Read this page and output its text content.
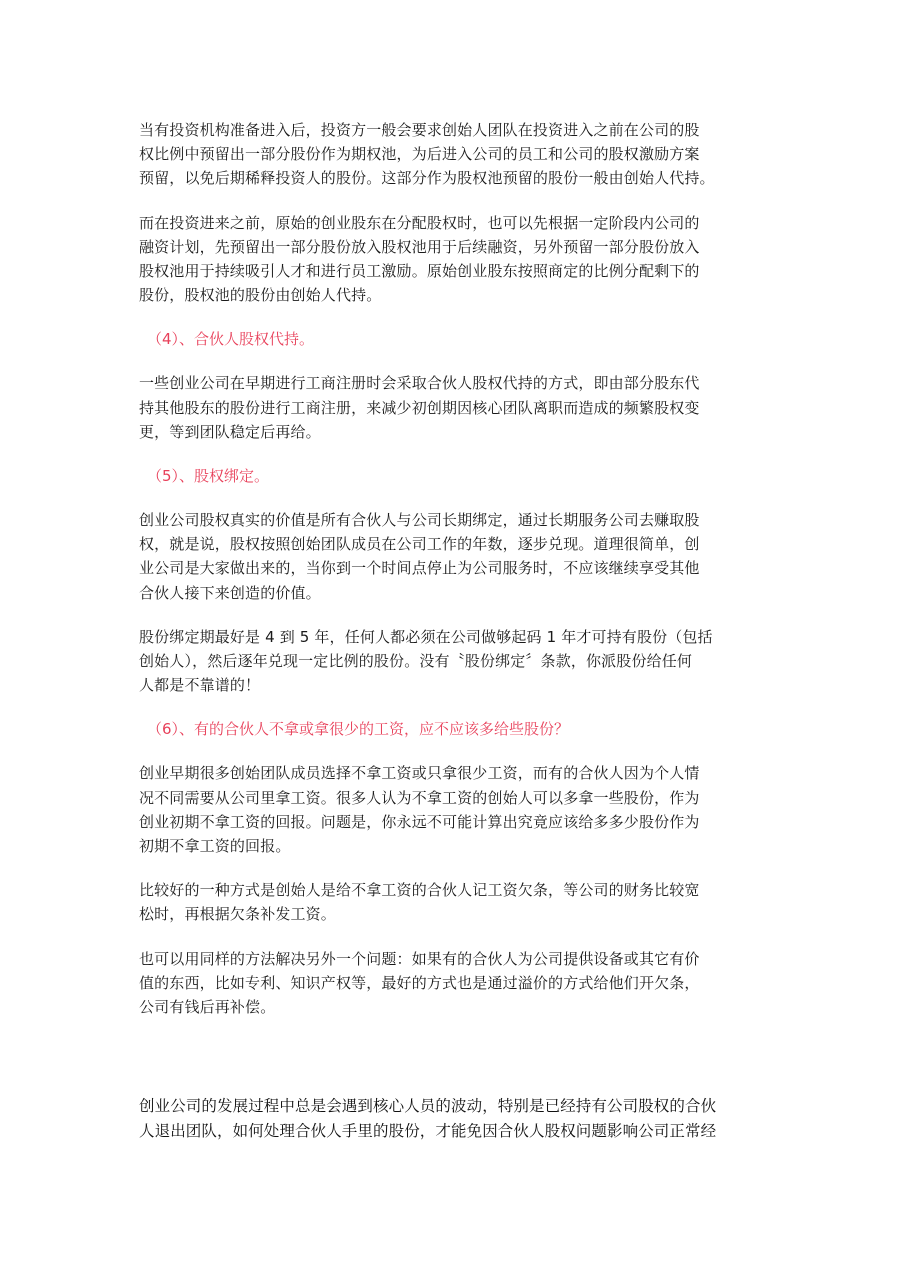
当有投资机构准备进入后，投资方一般会要求创始人团队在投资进入之前在公司的股
权比例中预留出一部分股份作为期权池，为后进入公司的员工和公司的股权激励方案
预留，以免后期稀释投资人的股份。这部分作为股权池预留的股份一般由创始人代持。

而在投资进来之前，原始的创业股东在分配股权时，也可以先根据一定阶段内公司的
融资计划，先预留出一部分股份放入股权池用于后续融资，另外预留一部分股份放入
股权池用于持续吸引人才和进行员工激励。原始创业股东按照商定的比例分配剩下的
股份，股权池的股份由创始人代持。

（4）、合伙人股权代持。

一些创业公司在早期进行工商注册时会采取合伙人股权代持的方式，即由部分股东代
持其他股东的股份进行工商注册，来减少初创期因核心团队离职而造成的频繁股权变
更，等到团队稳定后再给。

（5）、股权绑定。

创业公司股权真实的价值是所有合伙人与公司长期绑定，通过长期服务公司去赚取股
权，就是说，股权按照创始团队成员在公司工作的年数，逐步兑现。道理很简单，创
业公司是大家做出来的，当你到一个时间点停止为公司服务时，不应该继续享受其他
合伙人接下来创造的价值。

股份绑定期最好是 4 到 5 年，任何人都必须在公司做够起码 1 年才可持有股份（包括
创始人），然后逐年兑现一定比例的股份。没有〝股份绑定〞条款，你派股份给任何
人都是不靠谱的！

（6）、有的合伙人不拿或拿很少的工资，应不应该多给些股份？

创业早期很多创始团队成员选择不拿工资或只拿很少工资，而有的合伙人因为个人情
况不同需要从公司里拿工资。很多人认为不拿工资的创始人可以多拿一些股份，作为
创业初期不拿工资的回报。问题是，你永远不可能计算出究竟应该给多多少股份作为
初期不拿工资的回报。

比较好的一种方式是创始人是给不拿工资的合伙人记工资欠条，等公司的财务比较宽
松时，再根据欠条补发工资。

也可以用同样的方法解决另外一个问题：如果有的合伙人为公司提供设备或其它有价
值的东西，比如专利、知识产权等，最好的方式也是通过溢价的方式给他们开欠条，
公司有钱后再补偿。

创业公司的发展过程中总是会遇到核心人员的波动，特别是已经持有公司股权的合伙
人退出团队，如何处理合伙人手里的股份，才能免因合伙人股权问题影响公司正常经
